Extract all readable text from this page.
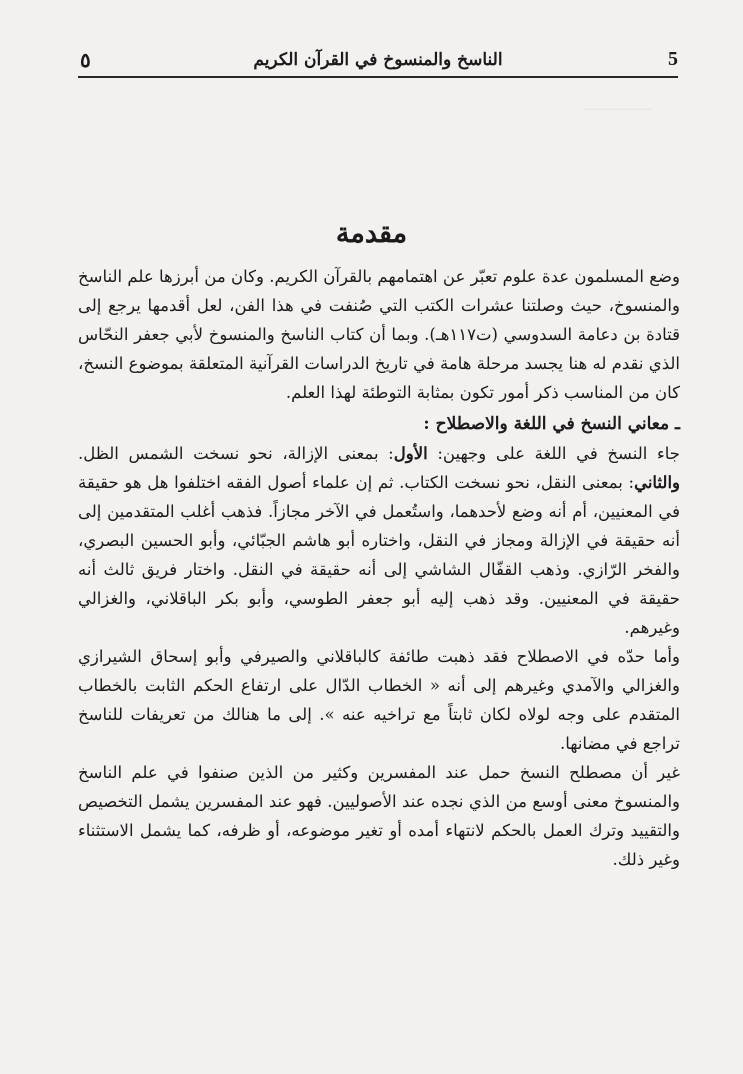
5
الناسخ والمنسوخ في القرآن الكريم
٥
ــــــــــــــــ
مقدمة

وضع المسلمون عدة علوم تعبّر عن اهتمامهم بالقرآن الكريم. وكان من أبرزها علم الناسخ والمنسوخ، حيث وصلتنا عشرات الكتب التي صُنفت في هذا الفن، لعل أقدمها يرجع إلى قتادة بن دعامة السدوسي (ت١١٧هـ). وبما أن كتاب الناسخ والمنسوخ لأبي جعفر النحّاس الذي نقدم له هنا يجسد مرحلة هامة في تاريخ الدراسات القرآنية المتعلقة بموضوع النسخ، كان من المناسب ذكر أمور تكون بمثابة التوطئة لهذا العلم.

ـ معاني النسخ في اللغة والاصطلاح :

جاء النسخ في اللغة على وجهين: الأول: بمعنى الإزالة، نحو نسخت الشمس الظل. والثاني: بمعنى النقل، نحو نسخت الكتاب. ثم إن علماء أصول الفقه اختلفوا هل هو حقيقة في المعنيين، أم أنه وضع لأحدهما، واستُعمل في الآخر مجازاً. فذهب أغلب المتقدمين إلى أنه حقيقة في الإزالة ومجاز في النقل، واختاره أبو هاشم الجبّائي، وأبو الحسين البصري، والفخر الرّازي. وذهب القفّال الشاشي إلى أنه حقيقة في النقل. واختار فريق ثالث أنه حقيقة في المعنيين. وقد ذهب إليه أبو جعفر الطوسي، وأبو بكر الباقلاني، والغزالي وغيرهم.

وأما حدّه في الاصطلاح فقد ذهبت طائفة كالباقلاني والصيرفي وأبو إسحاق الشيرازي والغزالي والآمدي وغيرهم إلى أنه « الخطاب الدّال على ارتفاع الحكم الثابت بالخطاب المتقدم على وجه لولاه لكان ثابتاً مع تراخيه عنه ». إلى ما هنالك من تعريفات للناسخ تراجع في مضانها.

غير أن مصطلح النسخ حمل عند المفسرين وكثير من الذين صنفوا في علم الناسخ والمنسوخ معنى أوسع من الذي نجده عند الأصوليين. فهو عند المفسرين يشمل التخصيص والتقييد وترك العمل بالحكم لانتهاء أمده أو تغير موضوعه، أو ظرفه، كما يشمل الاستثناء وغير ذلك.
